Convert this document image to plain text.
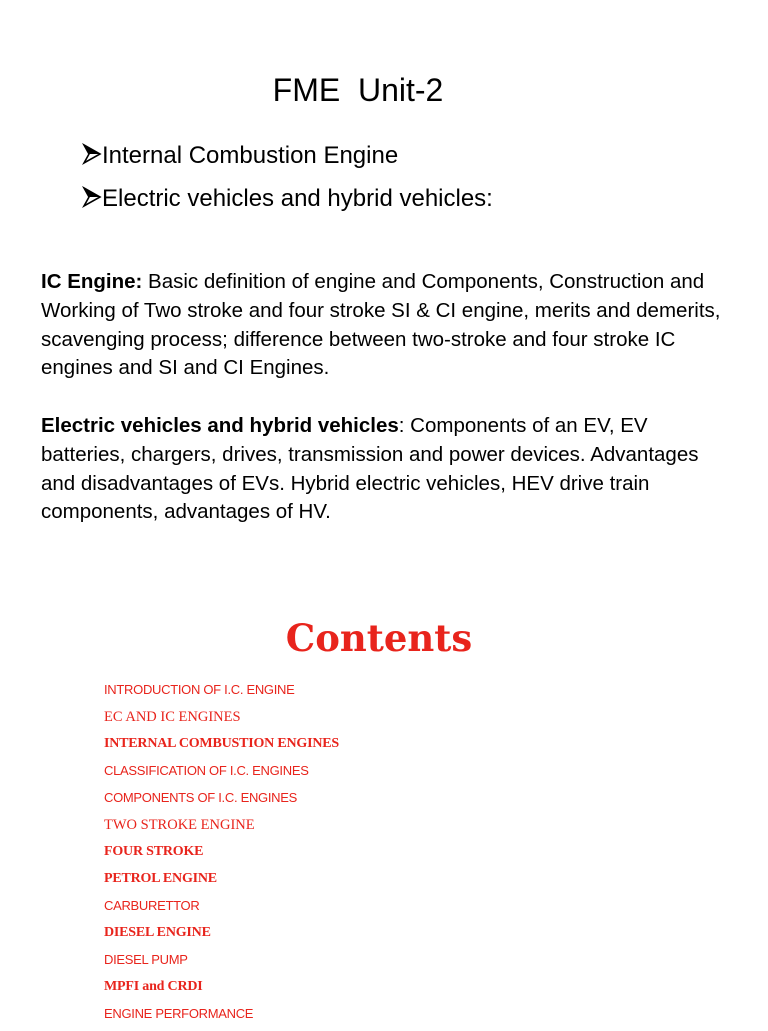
FME  Unit-2
Internal Combustion Engine
Electric vehicles and hybrid vehicles:

IC Engine: Basic definition of engine and Components, Construction and Working of Two stroke and four stroke SI & CI engine, merits and demerits, scavenging process; difference between two-stroke and four stroke IC engines and SI and CI Engines.

Electric vehicles and hybrid vehicles: Components of an EV, EV batteries, chargers, drives, transmission and power devices. Advantages and disadvantages of EVs. Hybrid electric vehicles, HEV drive train components, advantages of HV.

Contents
INTRODUCTION OF I.C. ENGINE
EC AND IC ENGINES
INTERNAL COMBUSTION ENGINES
CLASSIFICATION OF I.C. ENGINES
COMPONENTS OF I.C. ENGINES
TWO STROKE ENGINE
FOUR STROKE
PETROL ENGINE
CARBURETTOR
DIESEL ENGINE
DIESEL PUMP
MPFI and CRDI
ENGINE PERFORMANCE
